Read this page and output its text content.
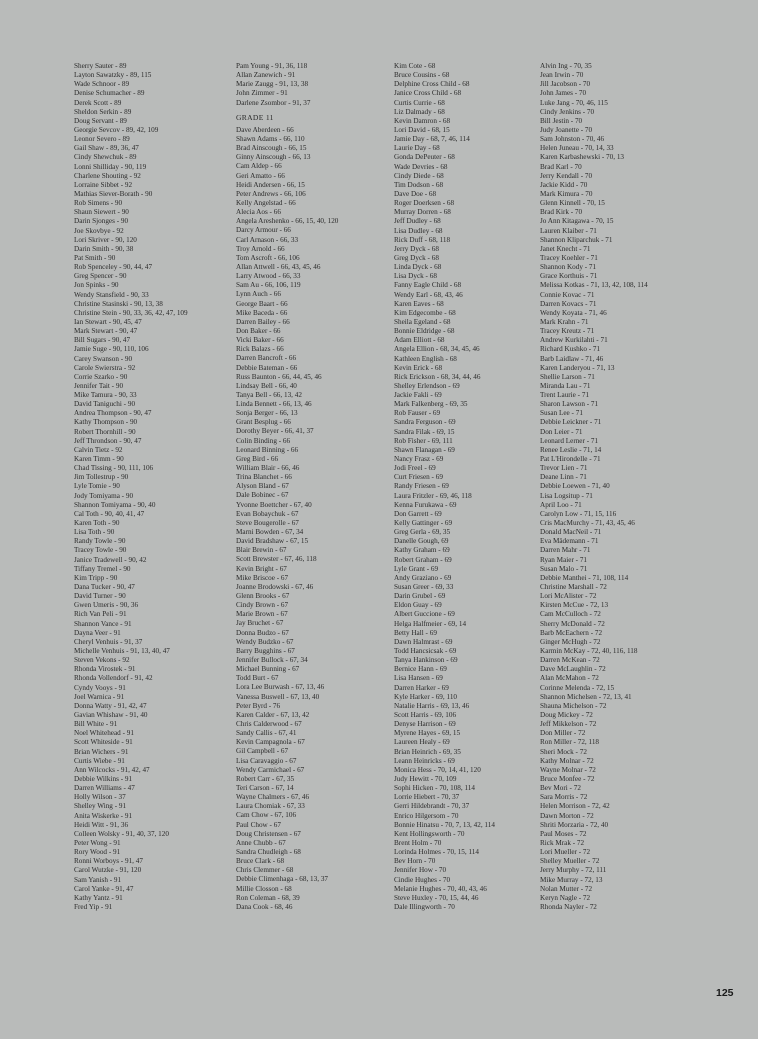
Sherry Sauter - 89
Layton Sawatzky - 89, 115
Wade Schnoor - 89
Denise Schumacher - 89
Derek Scott - 89
Sheldon Serkin - 89
Doug Servant - 89
Georgie Sevcov - 89, 42, 109
Leonor Severo - 89
Gail Shaw - 89, 36, 47
Cindy Shewchuk - 89
Lonni Shilliday - 90, 119
Charlene Shouting - 92
Lorraine Sibbet - 92
Mathias Siever-Borath - 90
Rob Simens - 90
Shaun Siewert - 90
Darin Sjonges - 90
Joe Skovbye - 92
Lori Skriver - 90, 120
Darin Smith - 90, 38
Pat Smith - 90
Rob Spenceley - 90, 44, 47
Greg Spencer - 90
Jon Spinks - 90
Wendy Stansfield - 90, 33
Christine Stasinski - 90, 13, 38
Christine Stein - 90, 33, 36, 42, 47, 109
Ian Stewart - 90, 45, 47
Mark Stewart - 90, 47
Bill Sugars - 90, 47
Jamie Suge - 90, 110, 106
Carey Swanson - 90
Carole Swierstra - 92
Corrie Szarko - 90
Jennifer Tait - 90
Mike Tamura - 90, 33
David Taniguchi - 90
Andrea Thompson - 90, 47
Kathy Thompson - 90
Robert Thornhill - 90
Jeff Throndson - 90, 47
Calvin Tietz - 92
Karen Timm - 90
Chad Tissing - 90, 111, 106
Jim Tollestrup - 90
Lyle Tomie - 90
Jody Tomiyama - 90
Shannon Tomiyama - 90, 40
Cal Toth - 90, 40, 41, 47
Karen Toth - 90
Lisa Toth - 90
Randy Towle - 90
Tracey Towle - 90
Janice Tradewell - 90, 42
Tiffany Tremel - 90
Kim Tripp - 90
Dana Tucker - 90, 47
David Turner - 90
Gwen Umeris - 90, 36
Rich Van Peli - 91
Shannon Vance - 91
Dayna Veer - 91
Cheryl Venhuis - 91, 37
Michelle Venhuis - 91, 13, 40, 47
Steven Vekons - 92
Rhonda Virostek - 91
Rhonda Vollendorf - 91, 42
Cyndy Vooys - 91
Joel Warnica - 91
Donna Watty - 91, 42, 47
Gavian Whishaw - 91, 40
Bill White - 91
Noel Whitehead - 91
Scott Whiteside - 91
Brian Wichers - 91
Curtis Wiebe - 91
Ann Wilcocks - 91, 42, 47
Debbie Wilkins - 91
Darren Williams - 47
Holly Wilson - 37
Shelley Wing - 91
Anita Wiskerke - 91
Heidi Witt - 91, 36
Colleen Wolsky - 91, 40, 37, 120
Peter Wong - 91
Rory Wood - 91
Ronni Worboys - 91, 47
Carol Wutzke - 91, 120
Sam Yanish - 91
Carol Yanke - 91, 47
Kathy Yantz - 91
Fred Yip - 91
Pam Young - 91, 36, 118
Allan Zanewich - 91
Marie Zaugg - 91, 13, 38
John Zimmer - 91
Darlene Zsombor - 91, 37
GRADE 11
Dave Aberdeen - 66
Shawn Adams - 66, 110
Brad Ainscough - 66, 15
Ginny Ainscough - 66, 13
Cam Aldep - 66
Geri Amatto - 66
Heidi Andersen - 66, 15
Peter Andrews - 66, 106
Kelly Angelstad - 66
Alecia Aos - 66
Angela Areshenko - 66, 15, 40, 120
Darcy Armour - 66
Carl Arnason - 66, 33
Troy Arnold - 66
Tom Ascroft - 66, 106
Allan Attwell - 66, 43, 45, 46
Larry Atwood - 66, 33
Sam Au - 66, 106, 119
Lynn Auch - 66
George Baart - 66
Mike Baceda - 66
Darren Bailey - 66
Don Baker - 66
Vicki Baker - 66
Rick Balazs - 66
Darren Bancroft - 66
Debbie Bateman - 66
Russ Baunton - 66, 44, 45, 46
Lindsay Bell - 66, 40
Tanya Bell - 66, 13, 42
Linda Bennett - 66, 13, 46
Sonja Berger - 66, 13
Grant Besplug - 66
Dorothy Beyer - 66, 41, 37
Colin Binding - 66
Leonard Binning - 66
Greg Bird - 66
William Blair - 66, 46
Trina Blanchet - 66
Alyson Bland - 67
Dale Bobinec - 67
Yvonne Boettcher - 67, 40
Evan Bobaychuk - 67
Steve Bougerolle - 67
Marni Bowden - 67, 34
David Bradshaw - 67, 15
Blair Brewin - 67
Scott Brewster - 67, 46, 118
Kevin Bright - 67
Mike Briscoe - 67
Joanne Brodowski - 67, 46
Glenn Brooks - 67
Cindy Brown - 67
Marie Brown - 67
Jay Bruchet - 67
Donna Budzo - 67
Wendy Budzko - 67
Barry Bugghins - 67
Jennifer Bullock - 67, 34
Michael Bunning - 67
Todd Burt - 67
Lora Lee Burwash - 67, 13, 46
Vanessa Buswell - 67, 13, 40
Peter Byrd - 76
Karen Calder - 67, 13, 42
Chris Calderwood - 67
Sandy Callis - 67, 41
Kevin Campagnola - 67
Gil Campbell - 67
Lisa Caravaggio - 67
Wendy Carmichael - 67
Robert Carr - 67, 35
Teri Carson - 67, 14
Wayne Chalmers - 67, 46
Laura Chomiak - 67, 33
Cam Chow - 67, 106
Paul Chow - 67
Doug Christensen - 67
Anne Chubb - 67
Sandra Chudleigh - 68
Bruce Clark - 68
Chris Clemmer - 68
Debbie Climenhaga - 68, 13, 37
Millie Closson - 68
Ron Coleman - 68, 39
Dana Cook - 68, 46
Kim Cote - 68
Bruce Cousins - 68
Delphine Cross Child - 68
Janice Cross Child - 68
Curtis Currie - 68
Liz Dalmady - 68
Kevin Damron - 68
Lori David - 68, 15
Jamie Day - 68, 7, 46, 114
Laurie Day - 68
Gonda DePeuter - 68
Wade Devries - 68
Cindy Diede - 68
Tim Dodson - 68
Dave Doe - 68
Roger Doerksen - 68
Murray Dorren - 68
Jeff Dudley - 68
Lisa Dudley - 68
Rick Duff - 68, 118
Jerry Dyck - 68
Greg Dyck - 68
Linda Dyck - 68
Lisa Dyck - 68
Fanny Eagle Child - 68
Wendy Earl - 68, 43, 46
Karen Eaves - 68
Kim Edgecombe - 68
Sheila Egeland - 68
Bonnie Eldridge - 68
Adam Elliott - 68
Angela Ellion - 68, 34, 45, 46
Kathleen English - 68
Kevin Erick - 68
Rick Erickson - 68, 34, 44, 46
Shelley Erlendson - 69
Jackie Fakli - 69
Mark Falkenberg - 69, 35
Rob Fauser - 69
Sandra Ferguson - 69
Sandra Filak - 69, 15
Rob Fisher - 69, 111
Shawn Flanagan - 69
Nancy Frasz - 69
Jodi Freel - 69
Curt Friesen - 69
Randy Friesen - 69
Laura Fritzler - 69, 46, 118
Kenna Furukawa - 69
Don Garrett - 69
Kelly Gattinger - 69
Greg Gerla - 69, 35
Danelle Gough, 69
Kathy Graham - 69
Robert Graham - 69
Lyle Grant - 69
Andy Graziano - 69
Susan Greer - 69, 33
Darin Grubel - 69
Eldon Guay - 69
Albert Guccione - 69
Helga Halfmeier - 69, 14
Betty Hall - 69
Dawn Halmrast - 69
Todd Hancsicsak - 69
Tanya Hankinson - 69
Bernice Hann - 69
Lisa Hansen - 69
Darren Harker - 69
Kyle Harker - 69, 110
Natalie Harris - 69, 13, 46
Scott Harris - 69, 106
Denyse Harrison - 69
Myrene Hayes - 69, 15
Laureen Healy - 69
Brian Heinrich - 69, 35
Leann Heinricks - 69
Monica Hess - 70, 14, 41, 120
Judy Hewitt - 70, 109
Sophi Hicken - 70, 108, 114
Lorrie Hiebert - 70, 37
Gerri Hildebrandt - 70, 37
Enrico Hilgersom - 70
Bonnie Hinatsu - 70, 7, 13, 42, 114
Kent Hollingsworth - 70
Brent Holm - 70
Lorinda Holmes - 70, 15, 114
Bev Horn - 70
Jennifer How - 70
Cindie Hughes - 70
Melanie Hughes - 70, 40, 43, 46
Steve Huxley - 70, 15, 44, 46
Dale Illingworth - 70
Alvin Ing - 70, 35
Jean Irwin - 70
Jill Jacobson - 70
John James - 70
Luke Jang - 70, 46, 115
Cindy Jenkins - 70
Bill Jestin - 70
Judy Joanette - 70
Sam Johnston - 70, 46
Helen Juneau - 70, 14, 33
Karen Karbashewski - 70, 13
Brad Karl - 70
Jerry Kendall - 70
Jackie Kidd - 70
Mark Kimura - 70
Glenn Kinnell - 70, 15
Brad Kirk - 70
Jo Ann Kitagawa - 70, 15
Lauren Klaiber - 71
Shannon Kliparchuk - 71
Janet Knecht - 71
Tracey Koehler - 71
Shannon Kody - 71
Grace Korthuis - 71
Melissa Kotkas - 71, 13, 42, 108, 114
Connie Kovac - 71
Darren Kovacs - 71
Wendy Koyata - 71, 46
Mark Krahn - 71
Tracey Kreutz - 71
Andrew Kurkilahti - 71
Richard Kushko - 71
Barb Laidlaw - 71, 46
Karen Landeryou - 71, 13
Shellie Larson - 71
Miranda Lau - 71
Trent Laurie - 71
Sharon Lawson - 71
Susan Lee - 71
Debbie Leickner - 71
Don Leier - 71
Leonard Lerner - 71
Renee Leslie - 71, 14
Pat L'Hirondelle - 71
Trevor Lien - 71
Deane Linn - 71
Debbie Loewen - 71, 40
Lisa Logsitup - 71
April Loo - 71
Carolyn Low - 71, 15, 116
Cris MacMurchy - 71, 43, 45, 46
Donald MacNeil - 71
Eva Mädemann - 71
Darren Mahr - 71
Ryan Maier - 71
Susan Malo - 71
Debbie Manthei - 71, 108, 114
Christine Marshall - 72
Lori McAlister - 72
Kirsten McCue - 72, 13
Cam McCulloch - 72
Sherry McDonald - 72
Barb McEachern - 72
Ginger McHugh - 72
Karmin McKay - 72, 40, 116, 118
Darren McKean - 72
Dave McLaughlin - 72
Alan McMahon - 72
Corinne Melenda - 72, 15
Shannon Michelsen - 72, 13, 41
Shauna Michelson - 72
Doug Mickey - 72
Jeff Mikkelson - 72
Don Miller - 72
Ron Miller - 72, 118
Sheri Mock - 72
Kathy Molnar - 72
Wayne Molnar - 72
Bruce Monfee - 72
Bev Mori - 72
Sara Morris - 72
Helen Morrison - 72, 42
Dawn Morton - 72
Shriti Morzaria - 72, 40
Paul Moses - 72
Rick Mrak - 72
Lori Mueller - 72
Shelley Mueller - 72
Jerry Murphy - 72, 111
Mike Murray - 72, 13
Nolan Mutter - 72
Keryn Nagle - 72
Rhonda Nayler - 72
125
